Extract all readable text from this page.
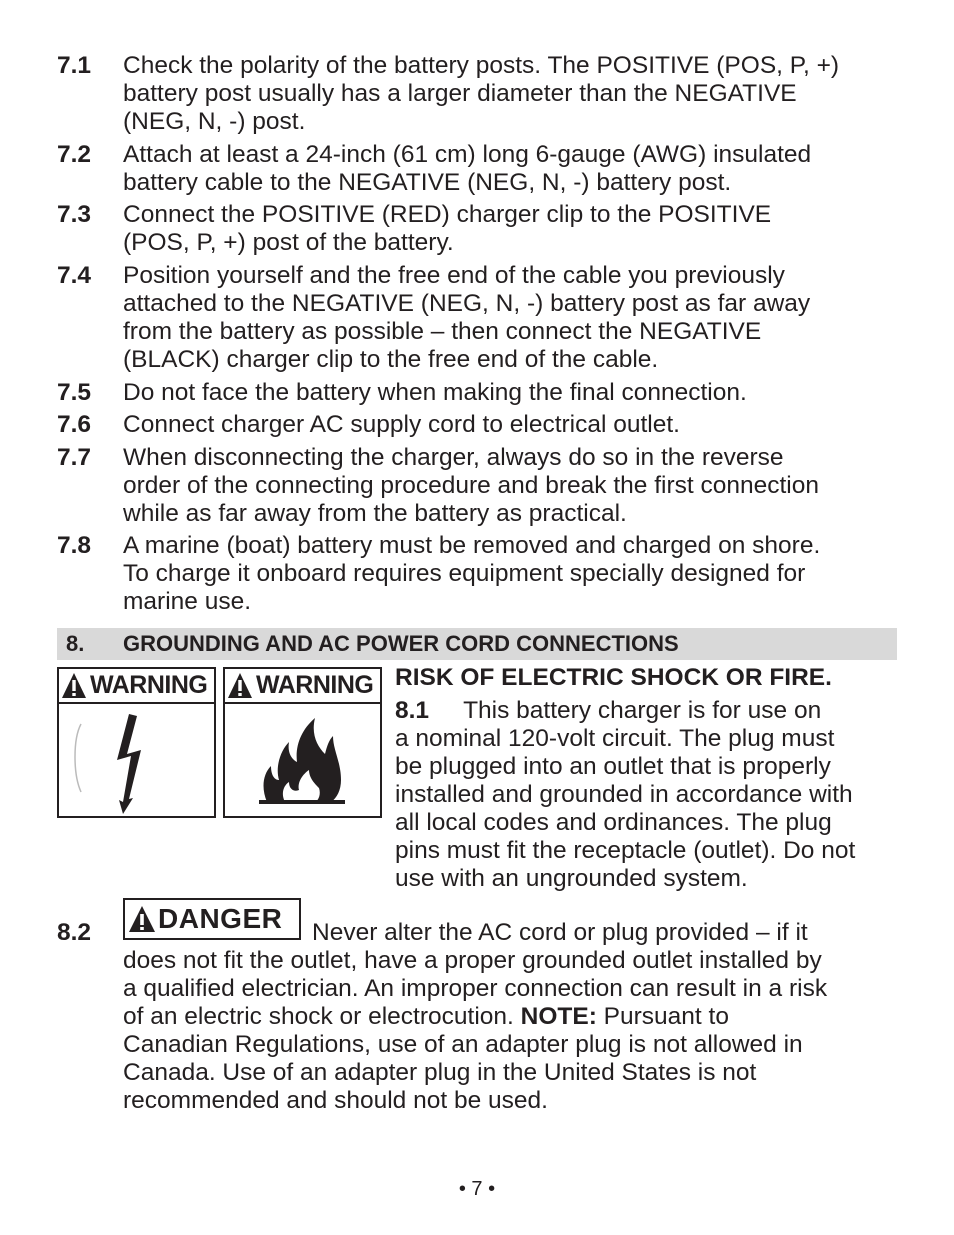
7.1 Check the polarity of the battery posts. The POSITIVE (POS, P, +)
battery post usually has a larger diameter than the NEGATIVE
(NEG, N, -) post.
7.2 Attach at least a 24-inch (61 cm) long 6-gauge (AWG) insulated
battery cable to the NEGATIVE (NEG, N, -) battery post.
7.3 Connect the POSITIVE (RED) charger clip to the POSITIVE
(POS, P, +) post of the battery.
7.4 Position yourself and the free end of the cable you previously
attached to the NEGATIVE (NEG, N, -) battery post as far away
from the battery as possible – then connect the NEGATIVE
(BLACK) charger clip to the free end of the cable.
7.5 Do not face the battery when making the final connection.
7.6 Connect charger AC supply cord to electrical outlet.
7.7 When disconnecting the charger, always do so in the reverse
order of the connecting procedure and break the first connection
while as far away from the battery as practical.
7.8 A marine (boat) battery must be removed and charged on shore.
To charge it onboard requires equipment specially designed for
marine use.
8. GROUNDING AND AC POWER CORD CONNECTIONS
WARNING WARNING RISK OF ELECTRIC SHOCK OR FIRE.
8.1 This battery charger is for use on
a nominal 120-volt circuit. The plug must
be plugged into an outlet that is properly
installed and grounded in accordance with
all local codes and ordinances. The plug
pins must fit the receptacle (outlet). Do not
use with an ungrounded system.
8.2	Never alter the AC cord or plug provided – if it
does not fit the outlet, have a proper grounded outlet installed by
a qualified electrician. An improper connection can result in a risk
of an electric shock or electrocution. NOTE: Pursuant to
Canadian Regulations, use of an adapter plug is not allowed in
Canada. Use of an adapter plug in the United States is not
recommended and should not be used.
DANGER
• 7 •
